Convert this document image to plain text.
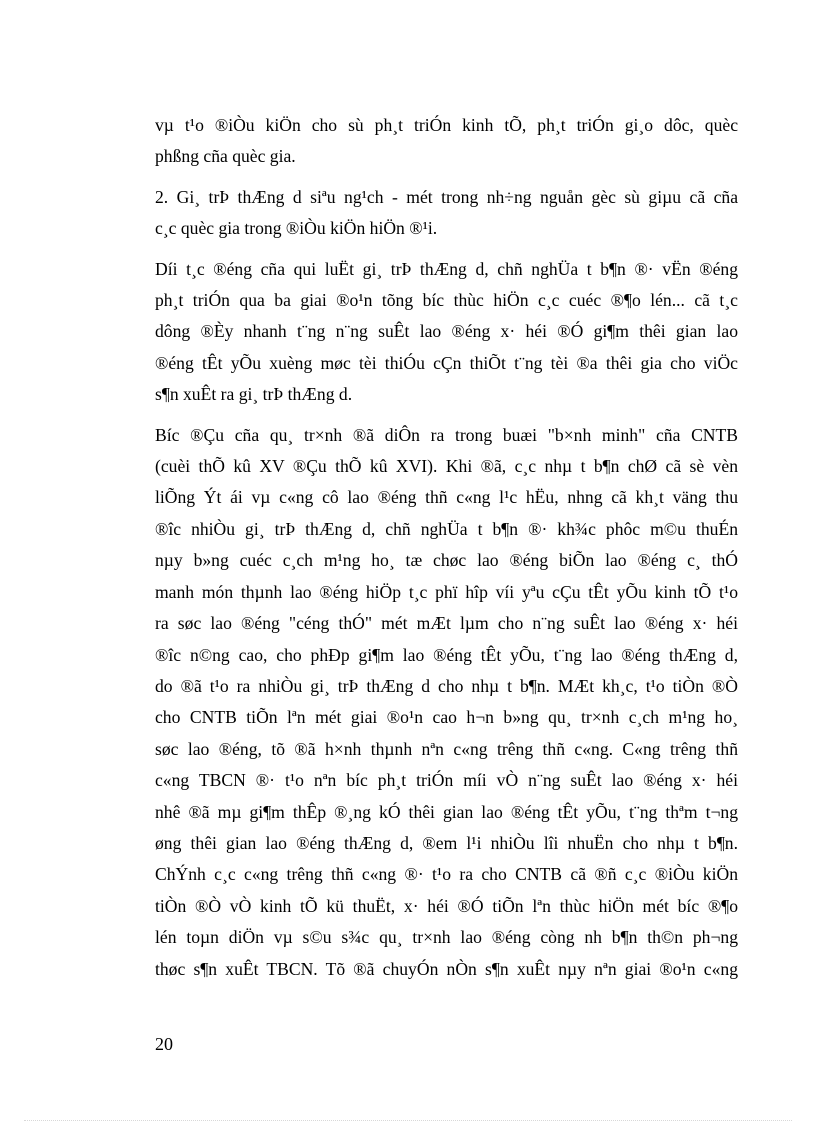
vµ t¹o ®iÒu kiÖn cho sù ph¸t triÓn kinh tÕ, ph¸t triÓn gi¸o dôc, quèc
phßng cña quèc gia.
2. Gi¸ trÞ thÆng d siªu ng¹ch - mét trong nh÷ng nguån gèc sù giµu cã cña
c¸c quèc gia trong ®iÒu kiÖn hiÖn ®¹i.
Díi t¸c ®éng cña qui luËt gi¸ trÞ thÆng d, chñ nghÜa t b¶n ®· vËn ®éng
ph¸t triÓn qua ba giai ®o¹n tõng bíc thùc hiÖn c¸c cuéc ®¶o lén... cã t¸c
dông ®Èy nhanh t¨ng n¨ng suÊt lao ®éng x· héi ®Ó gi¶m thêi gian lao
®éng tÊt yÕu xuèng møc tèi thiÓu cÇn thiÕt t¨ng tèi ®a thêi gia cho viÖc
s¶n xuÊt ra gi¸ trÞ thÆng d.
Bíc ®Çu cña qu¸ tr×nh ®ã diÔn ra trong buæi "b×nh minh" cña CNTB
(cuèi thÕ kû XV ®Çu thÕ kû XVI). Khi ®ã, c¸c nhµ t b¶n chØ cã sè vèn
liÕng Ýt ái vµ c«ng cô lao ®éng thñ c«ng l¹c hËu, nhng cã kh¸t väng thu
®îc nhiÒu gi¸ trÞ thÆng d, chñ nghÜa t b¶n ®· kh¾c phôc m©u thuÉn
nµy b»ng cuéc c¸ch m¹ng ho¸ tæ chøc lao ®éng biÕn lao ®éng c¸ thÓ
manh món thµnh lao ®éng hiÖp t¸c phï hîp víi yªu cÇu tÊt yÕu kinh tÕ t¹o
ra søc lao ®éng "céng thÓ" mét mÆt lµm cho n¨ng suÊt lao ®éng x· héi
®îc n©ng cao, cho phÐp gi¶m lao ®éng tÊt yÕu, t¨ng lao ®éng thÆng d,
do ®ã t¹o ra nhiÒu gi¸ trÞ thÆng d cho nhµ t b¶n. MÆt kh¸c, t¹o tiÒn ®Ò
cho CNTB tiÕn lªn mét giai ®o¹n cao h¬n b»ng qu¸ tr×nh c¸ch m¹ng ho¸
søc lao ®éng, tõ ®ã h×nh thµnh nªn c«ng trêng thñ c«ng. C«ng trêng thñ
c«ng TBCN ®· t¹o nªn bíc ph¸t triÓn míi vÒ n¨ng suÊt lao ®éng x· héi
nhê ®ã mµ gi¶m thÊp ®¸ng kÓ thêi gian lao ®éng tÊt yÕu, t¨ng thªm t¬ng
øng thêi gian lao ®éng thÆng d, ®em l¹i nhiÒu lîi nhuËn cho nhµ t b¶n.
ChÝnh c¸c c«ng trêng thñ c«ng ®· t¹o ra cho CNTB cã ®ñ c¸c ®iÒu kiÖn
tiÒn ®Ò vÒ kinh tÕ kü thuËt, x· héi ®Ó tiÕn lªn thùc hiÖn mét bíc ®¶o
lén toµn diÖn vµ s©u s¾c qu¸ tr×nh lao ®éng còng nh b¶n th©n ph¬ng
thøc s¶n xuÊt TBCN. Tõ ®ã chuyÓn nÒn s¶n xuÊt nµy nªn giai ®o¹n c«ng
20
